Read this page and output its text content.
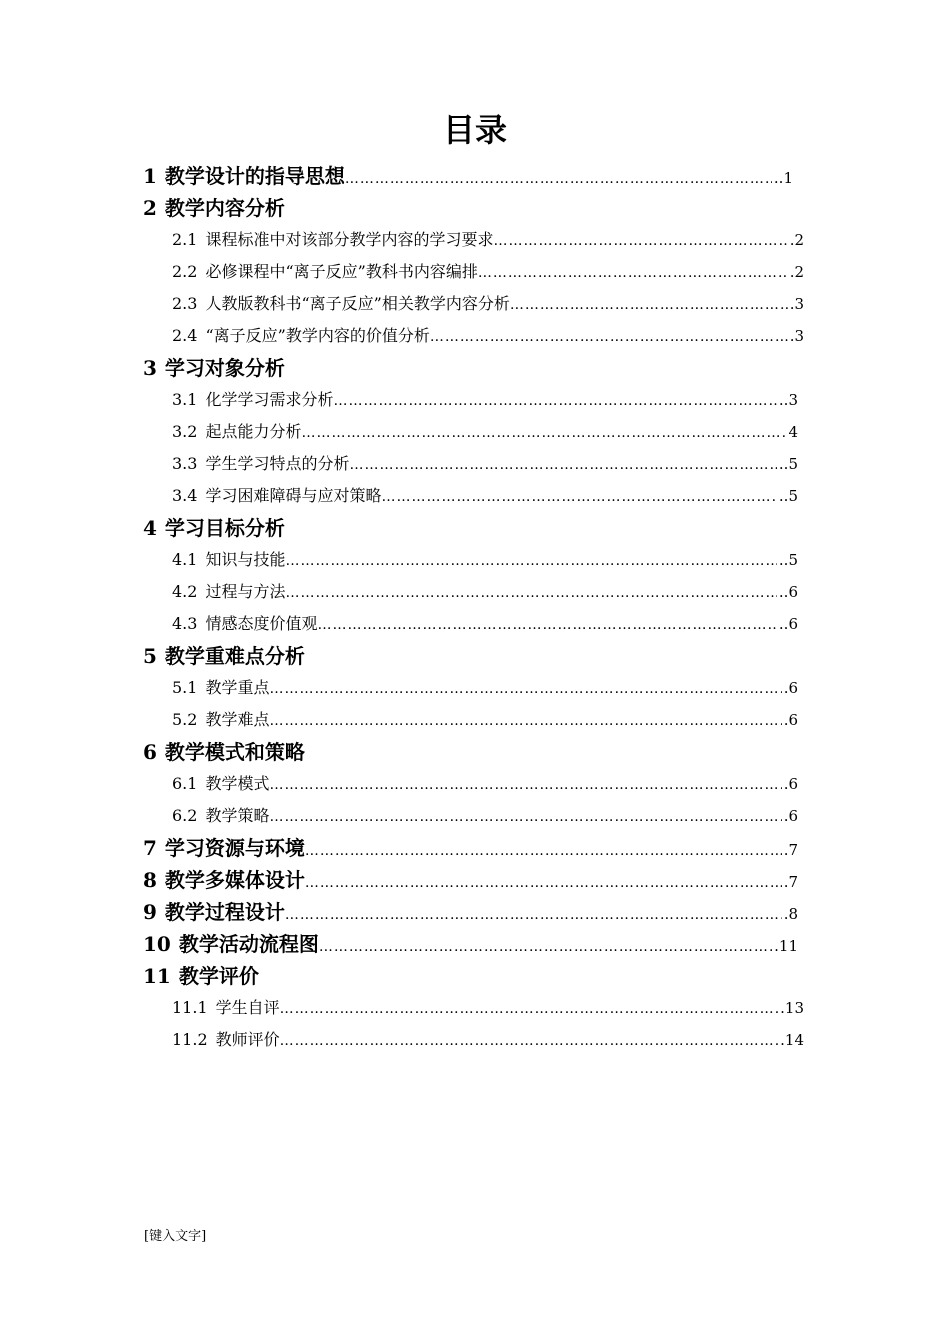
目录
1 教学设计的指导思想 ……………………………………………………………………………………………………………………………………………………………………………………	..1
2 教学内容分析
2.1 课程标准中对该部分教学内容的学习要求 ……………………………………………………………………………………………………………………………………………………………………………………	.2
2.2 必修课程中“离子反应”教科书内容编排 ……………………………………………………………………………………………………………………………………………………………………………………	.2
2.3 人教版教科书“离子反应”相关教学内容分析 ……………………………………………………………………………………………………………………………………………………………………………………	.3
2.4 “离子反应”教学内容的价值分析 ……………………………………………………………………………………………………………………………………………………………………………………	.3
3 学习对象分析
3.1 化学学习需求分析 ……………………………………………………………………………………………………………………………………………………………………………………	..3
3.2 起点能力分析 ……………………………………………………………………………………………………………………………………………………………………………………	4
3.3 学生学习特点的分析 ……………………………………………………………………………………………………………………………………………………………………………………	..5
3.4 学习困难障碍与应对策略 ……………………………………………………………………………………………………………………………………………………………………………………	..5
4 学习目标分析
4.1 知识与技能 ……………………………………………………………………………………………………………………………………………………………………………………	..5
4.2 过程与方法 ……………………………………………………………………………………………………………………………………………………………………………………	..6
4.3 情感态度价值观 ……………………………………………………………………………………………………………………………………………………………………………………	..6
5 教学重难点分析
5.1 教学重点 ……………………………………………………………………………………………………………………………………………………………………………………	.6
5.2 教学难点 ……………………………………………………………………………………………………………………………………………………………………………………	.6
6 教学模式和策略
6.1 教学模式 ……………………………………………………………………………………………………………………………………………………………………………………	.6
6.2 教学策略 ……………………………………………………………………………………………………………………………………………………………………………………	.6
7 学习资源与环境 ……………………………………………………………………………………………………………………………………………………………………………………	.7
8 教学多媒体设计 ……………………………………………………………………………………………………………………………………………………………………………………	.7
9 教学过程设计 ……………………………………………………………………………………………………………………………………………………………………………………	.8
10 教学活动流程图 ……………………………………………………………………………………………………………………………………………………………………………………	.11
11 教学评价
11.1 学生自评 ……………………………………………………………………………………………………………………………………………………………………………………	.13
11.2 教师评价 ……………………………………………………………………………………………………………………………………………………………………………………	.14
[键入文字]
